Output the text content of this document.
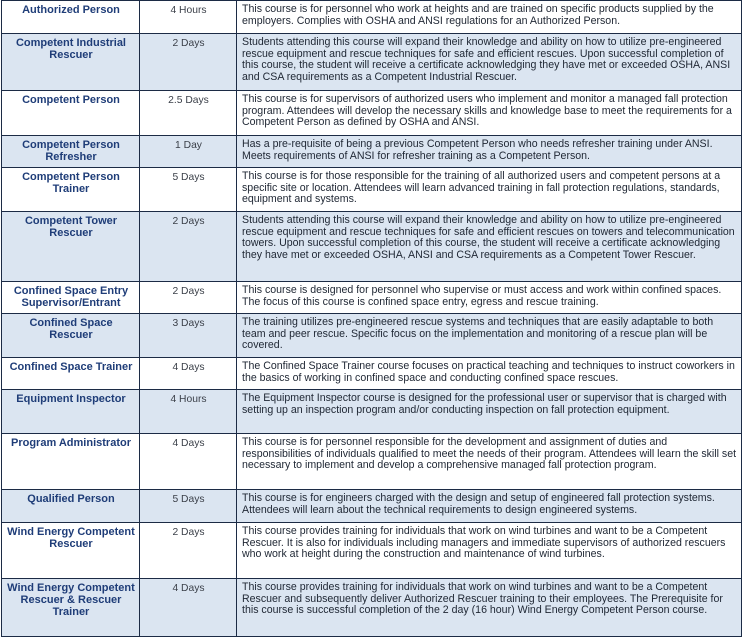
Authorized Person	4 Hours	This course is for personnel who work at heights and are trained on specific products supplied by the employers. Complies with OSHA and ANSI regulations for an Authorized Person.
Competent Industrial Rescuer	2 Days	Students attending this course will expand their knowledge and ability on how to utilize pre-engineered rescue equipment and rescue techniques for safe and efficient rescues. Upon successful completion of this course, the student will receive a certificate acknowledging they have met or exceeded OSHA, ANSI and CSA requirements as a Competent Industrial Rescuer.
Competent Person	2.5 Days	This course is for supervisors of authorized users who implement and monitor a managed fall protection program. Attendees will develop the necessary skills and knowledge base to meet the requirements for a Competent Person as defined by OSHA and ANSI.
Competent Person Refresher	1 Day	Has a pre-requisite of being a previous Competent Person who needs refresher training under ANSI. Meets requirements of ANSI for refresher training as a Competent Person.
Competent Person Trainer	5 Days	This course is for those responsible for the training of all authorized users and competent persons at a specific site or location. Attendees will learn advanced training in fall protection regulations, standards, equipment and systems.
Competent Tower Rescuer	2 Days	Students attending this course will expand their knowledge and ability on how to utilize pre-engineered rescue equipment and rescue techniques for safe and efficient rescues on towers and telecommunication towers. Upon successful completion of this course, the student will receive a certificate acknowledging they have met or exceeded OSHA, ANSI and CSA requirements as a Competent Tower Rescuer.
Confined Space Entry Supervisor/Entrant	2 Days	This course is designed for personnel who supervise or must access and work within confined spaces. The focus of this course is confined space entry, egress and rescue training.
Confined Space Rescuer	3 Days	The training utilizes pre-engineered rescue systems and techniques that are easily adaptable to both team and peer rescue. Specific focus on the implementation and monitoring of a rescue plan will be covered.
Confined Space Trainer	4 Days	The Confined Space Trainer course focuses on practical teaching and techniques to instruct coworkers in the basics of working in confined space and conducting confined space rescues.
Equipment Inspector	4 Hours	The Equipment Inspector course is designed for the professional user or supervisor that is charged with setting up an inspection program and/or conducting inspection on fall protection equipment.
Program Administrator	4 Days	This course is for personnel responsible for the development and assignment of duties and responsibilities of individuals qualified to meet the needs of their program. Attendees will learn the skill set necessary to implement and develop a comprehensive managed fall protection program.
Qualified Person	5 Days	This course is for engineers charged with the design and setup of engineered fall protection systems. Attendees will learn about the technical requirements to design engineered systems.
Wind Energy Competent Rescuer	2 Days	This course provides training for individuals that work on wind turbines and want to be a Competent Rescuer. It is also for individuals including managers and immediate supervisors of authorized rescuers who work at height during the construction and maintenance of wind turbines.
Wind Energy Competent Rescuer & Rescuer Trainer	4 Days	This course provides training for individuals that work on wind turbines and want to be a Competent Rescuer and subsequently deliver Authorized Rescuer training to their employees. The Prerequisite for this course is successful completion of the 2 day (16 hour) Wind Energy Competent Person course.
